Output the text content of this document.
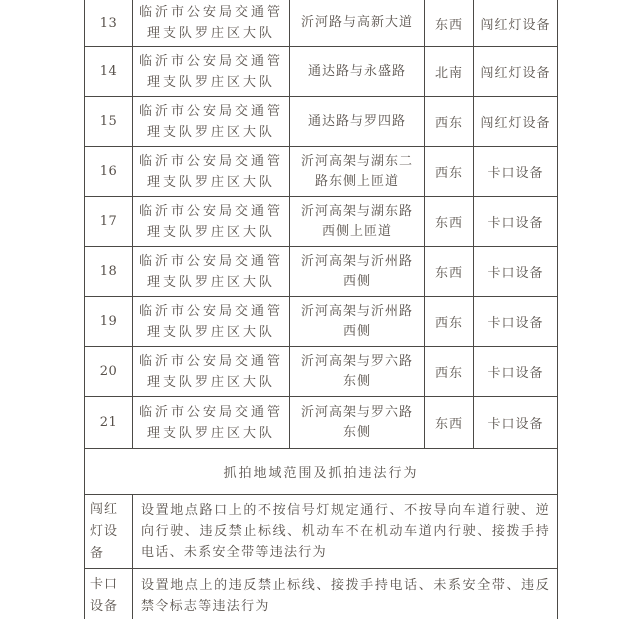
13	临沂市公安局交通管理支队罗庄区大队	沂河路与高新大道	东西	闯红灯设备
14	临沂市公安局交通管理支队罗庄区大队	通达路与永盛路	北南	闯红灯设备
15	临沂市公安局交通管理支队罗庄区大队	通达路与罗四路	西东	闯红灯设备
16	临沂市公安局交通管理支队罗庄区大队	沂河高架与湖东二路东侧上匝道	西东	卡口设备
17	临沂市公安局交通管理支队罗庄区大队	沂河高架与湖东路西侧上匝道	东西	卡口设备
18	临沂市公安局交通管理支队罗庄区大队	沂河高架与沂州路西侧	东西	卡口设备
19	临沂市公安局交通管理支队罗庄区大队	沂河高架与沂州路西侧	西东	卡口设备
20	临沂市公安局交通管理支队罗庄区大队	沂河高架与罗六路东侧	西东	卡口设备
21	临沂市公安局交通管理支队罗庄区大队	沂河高架与罗六路东侧	东西	卡口设备
抓拍地域范围及抓拍违法行为				
闯红灯设备	设置地点路口上的不按信号灯规定通行、不按导向车道行驶、逆向行驶、违反禁止标线、机动车不在机动车道内行驶、接拨手持电话、未系安全带等违法行为			
卡口设备	设置地点上的违反禁止标线、接拨手持电话、未系安全带、违反禁令标志等违法行为			
